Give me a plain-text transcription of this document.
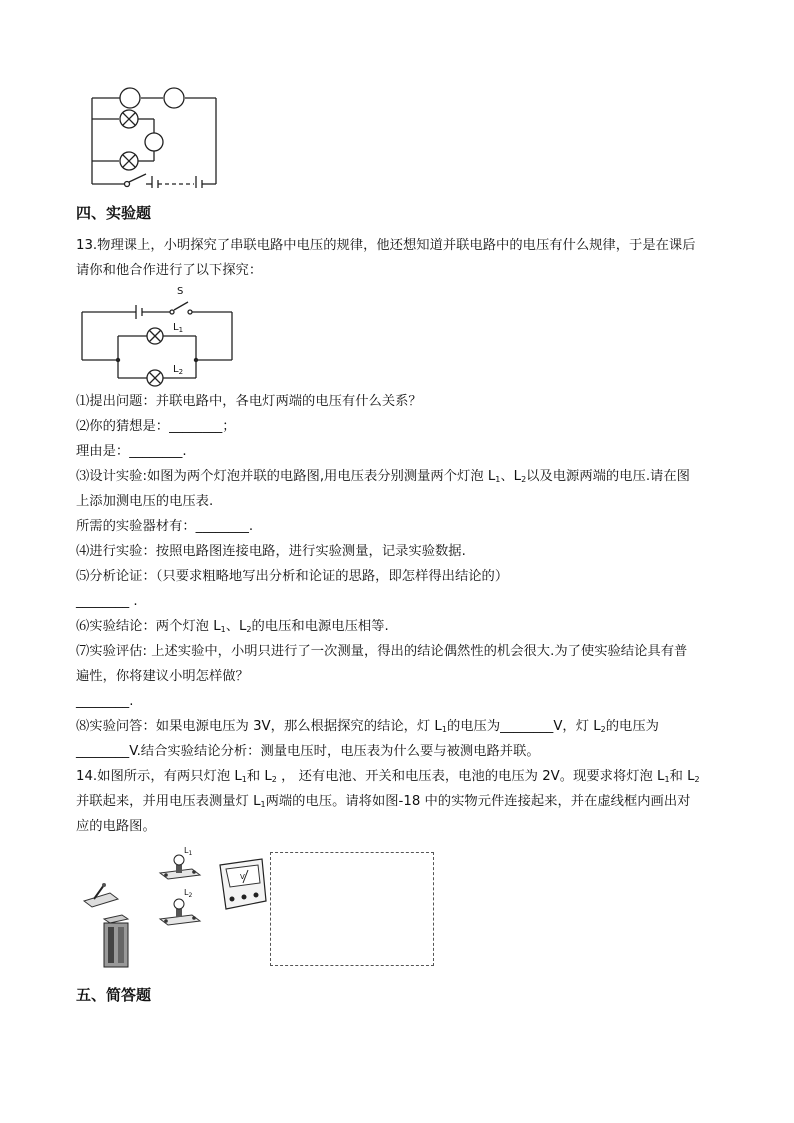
四、实验题
13.物理课上，小明探究了串联电路中电压的规律，他还想知道并联电路中的电压有什么规律，于是在课后
请你和他合作进行了以下探究：
S
$L_1$
$L_2$
⑴提出问题：并联电路中，各电灯两端的电压有什么关系？
⑵你的猜想是：________；
理由是：________.
⑶设计实验:如图为两个灯泡并联的电路图,用电压表分别测量两个灯泡 $L_1$、$L_2$以及电源两端的电压.请在图
上添加测电压的电压表.
所需的实验器材有：________.
⑷进行实验：按照电路图连接电路，进行实验测量，记录实验数据.
⑸分析论证：（只要求粗略地写出分析和论证的思路，即怎样得出结论的）
________ .
⑹实验结论：两个灯泡 $L_1$、$L_2$的电压和电源电压相等.
⑺实验评估: 上述实验中，小明只进行了一次测量，得出的结论偶然性的机会很大.为了使实验结论具有普
遍性，你将建议小明怎样做？
________.
⑻实验问答：如果电源电压为 3V，那么根据探究的结论，灯 $L_1$的电压为________V，灯 $L_2$的电压为
________V.结合实验结论分析：测量电压时，电压表为什么要与被测电路并联。
14.如图所示，有两只灯泡 $L_1$和 $L_2$ ， 还有电池、开关和电压表，电池的电压为 2V。现要求将灯泡 $L_1$和 $L_2$
并联起来，并用电压表测量灯 $L_1$两端的电压。请将如图-18 中的实物元件连接起来，并在虚线框内画出对
应的电路图。
$L_1$
$L_2$
V
五、简答题
